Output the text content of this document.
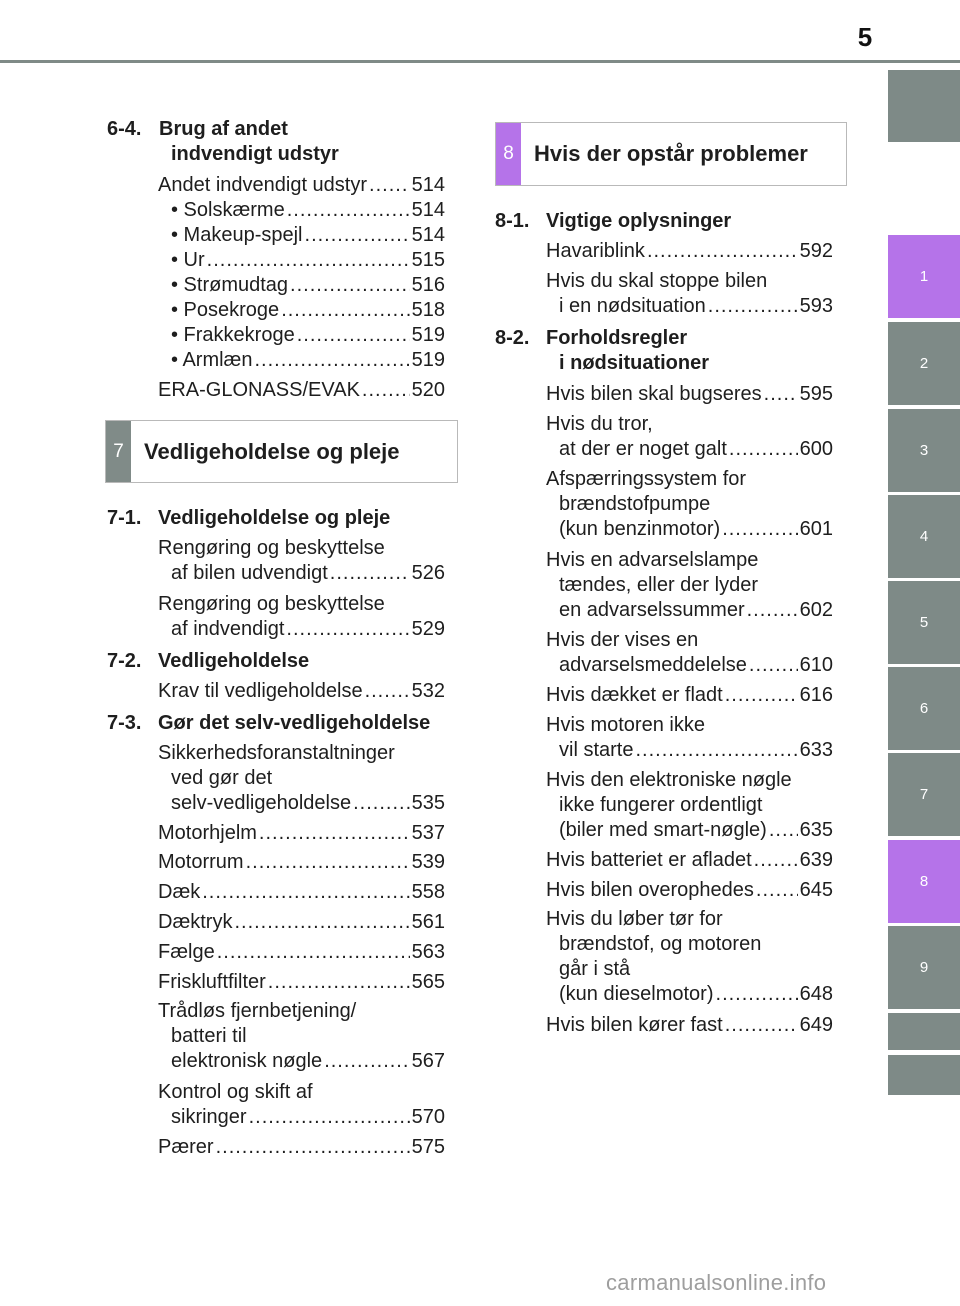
5
1
2
3
4
5
6
7
8
9
6-4. Brug af andet
indvendigt udstyr
Andet indvendigt udstyr ..... 514
• Solskærme .....	514
• Makeup-spejl .....	514
• Ur .....	515
• Strømudtag .....	516
• Posekroge .....	518
• Frakkekroge .....	519
• Armlæn .....	519
ERA-GLONASS/EVAK .....	520
7 Vedligeholdelse og pleje
7-1. Vedligeholdelse og pleje
Rengøring og beskyttelse
af bilen udvendigt .....	526
Rengøring og beskyttelse
af indvendigt .....	529
7-2. Vedligeholdelse
Krav til vedligeholdelse ..... 532
7-3. Gør det selv-vedligeholdelse
Sikkerhedsforanstaltninger
ved gør det
selv-vedligeholdelse .....	535
Motorhjelm .....	537
Motorrum .....	539
Dæk .....	558
Dæktryk .....	561
Fælge .....	563
Friskluftfilter .....	565
Trådløs fjernbetjening/
batteri til
elektronisk nøgle .....	567
Kontrol og skift af
sikringer .....	570
Pærer .....	575
8 Hvis der opstår problemer
8-1. Vigtige oplysninger
Havariblink .....	592
Hvis du skal stoppe bilen
i en nødsituation .....	593
8-2. Forholdsregler
i nødsituationer
Hvis bilen skal bugseres ..... 595
Hvis du tror,
at der er noget galt .....	600
Afspærringssystem for
brændstofpumpe
(kun benzinmotor) .....	601
Hvis en advarselslampe
tændes, eller der lyder
en advarselssummer .....	602
Hvis der vises en
advarselsmeddelelse .....	610
Hvis dækket er fladt .....	616
Hvis motoren ikke
vil starte .....	633
Hvis den elektroniske nøgle
ikke fungerer ordentligt
(biler med smart-nøgle) ..... 635
Hvis batteriet er afladet ..... 639
Hvis bilen overophedes ..... 645
Hvis du løber tør for
brændstof, og motoren
går i stå
(kun dieselmotor) .....	648
Hvis bilen kører fast .....	649
carmanualsonline.info
